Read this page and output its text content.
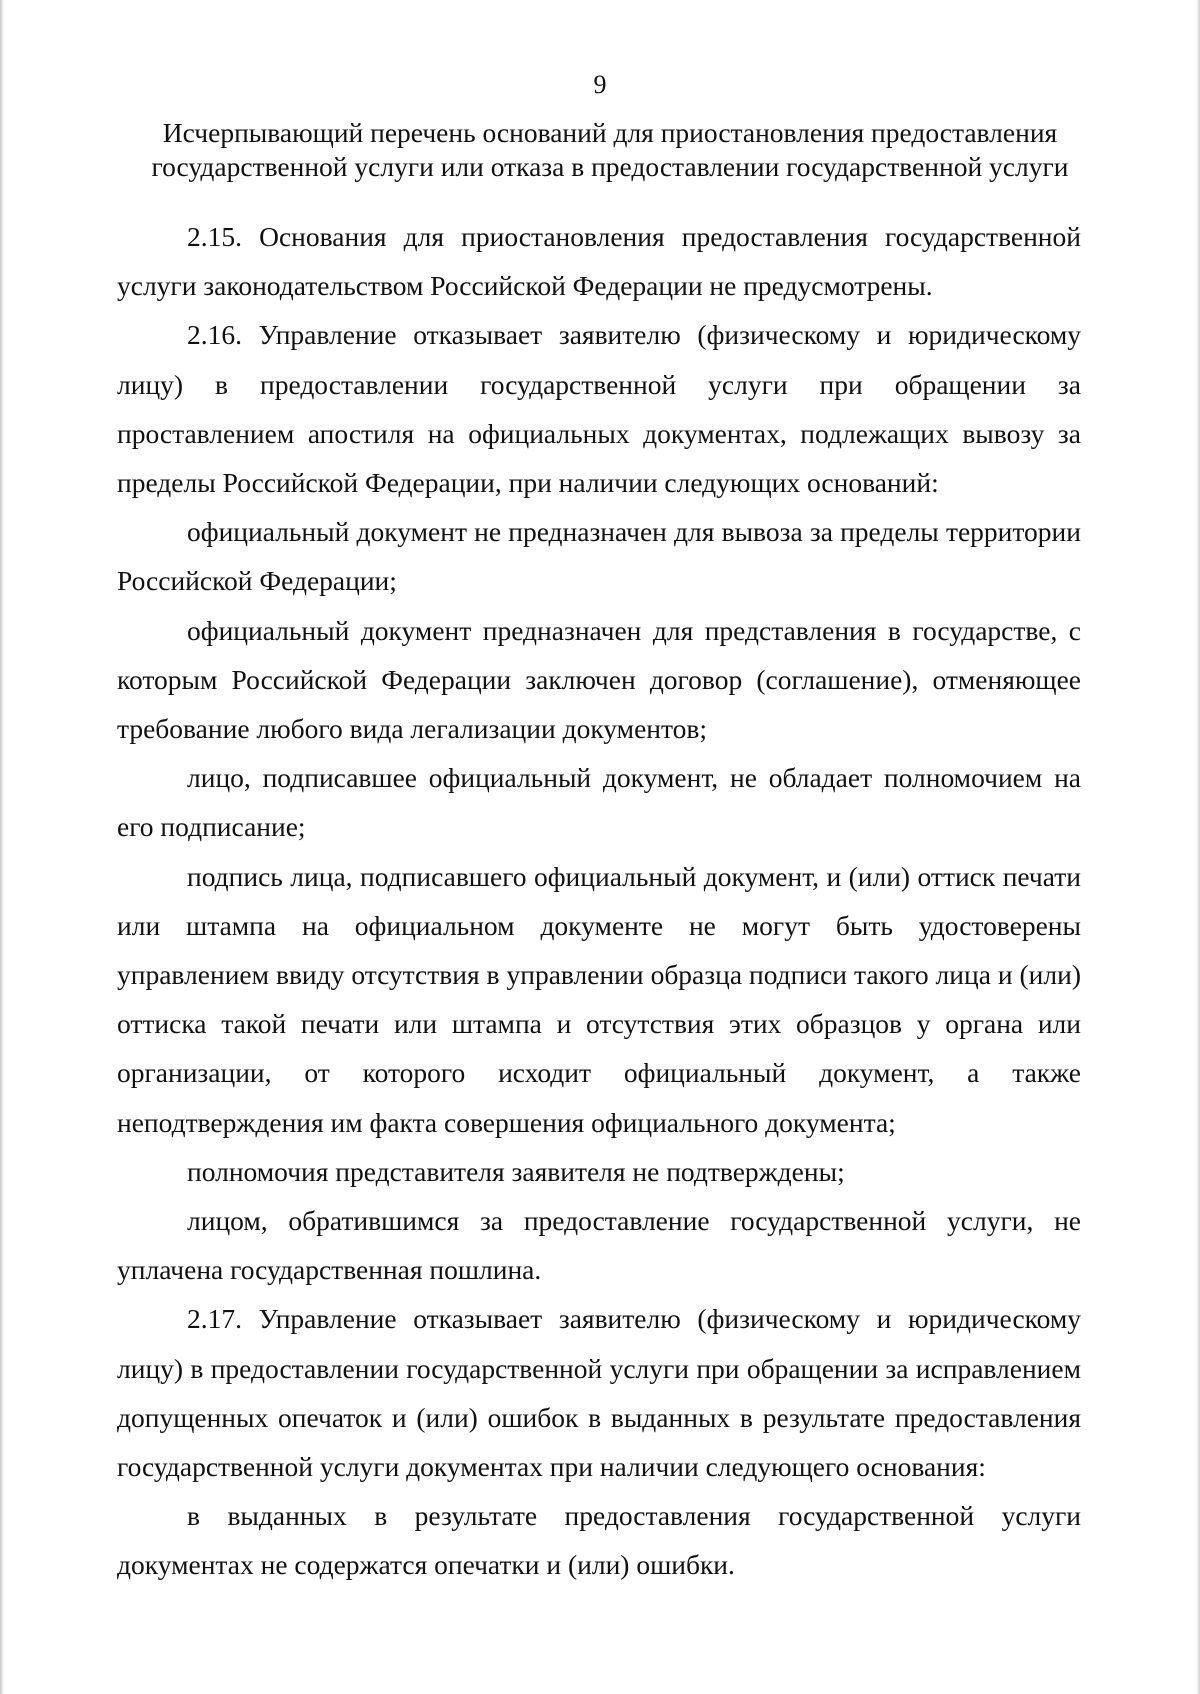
9
Исчерпывающий перечень оснований для приостановления предоставления
государственной услуги или отказа в предоставлении государственной услуги

2.15. Основания для приостановления предоставления государственной услуги законодательством Российской Федерации не предусмотрены.

2.16. Управление отказывает заявителю (физическому и юридическому лицу) в предоставлении государственной услуги при обращении за проставлением апостиля на официальных документах, подлежащих вывозу за пределы Российской Федерации, при наличии следующих оснований:

официальный документ не предназначен для вывоза за пределы территории Российской Федерации;

официальный документ предназначен для представления в государстве, с которым Российской Федерации заключен договор (соглашение), отменяющее требование любого вида легализации документов;

лицо, подписавшее официальный документ, не обладает полномочием на его подписание;

подпись лица, подписавшего официальный документ, и (или) оттиск печати или штампа на официальном документе не могут быть удостоверены управлением ввиду отсутствия в управлении образца подписи такого лица и (или) оттиска такой печати или штампа и отсутствия этих образцов у органа или организации, от которого исходит официальный документ, а также неподтверждения им факта совершения официального документа;

полномочия представителя заявителя не подтверждены;

лицом, обратившимся за предоставление государственной услуги, не уплачена государственная пошлина.

2.17. Управление отказывает заявителю (физическому и юридическому лицу) в предоставлении государственной услуги при обращении за исправлением допущенных опечаток и (или) ошибок в выданных в результате предоставления государственной услуги документах при наличии следующего основания:

в выданных в результате предоставления государственной услуги документах не содержатся опечатки и (или) ошибки.
